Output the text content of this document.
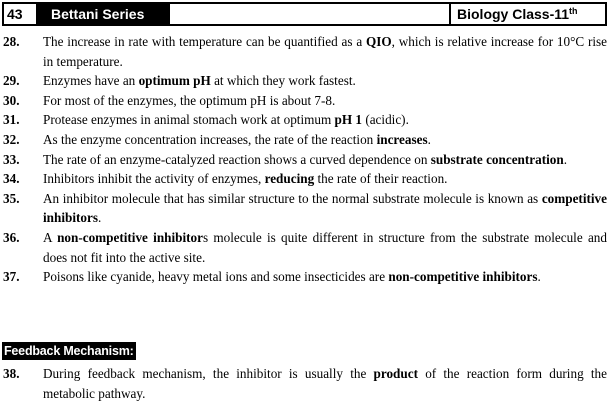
43	Bettani Series	Biology Class-11th
28. The increase in rate with temperature can be quantified as a QIO, which is relative increase for 10°C rise in temperature.
29. Enzymes have an optimum pH at which they work fastest.
30. For most of the enzymes, the optimum pH is about 7-8.
31. Protease enzymes in animal stomach work at optimum pH 1 (acidic).
32. As the enzyme concentration increases, the rate of the reaction increases.
33. The rate of an enzyme-catalyzed reaction shows a curved dependence on substrate concentration.
34. Inhibitors inhibit the activity of enzymes, reducing the rate of their reaction.
35. An inhibitor molecule that has similar structure to the normal substrate molecule is known as competitive inhibitors.
36. A non-competitive inhibitors molecule is quite different in structure from the substrate molecule and does not fit into the active site.
37. Poisons like cyanide, heavy metal ions and some insecticides are non-competitive inhibitors.
Feedback Mechanism:
38. During feedback mechanism, the inhibitor is usually the product of the reaction form during the metabolic pathway.
